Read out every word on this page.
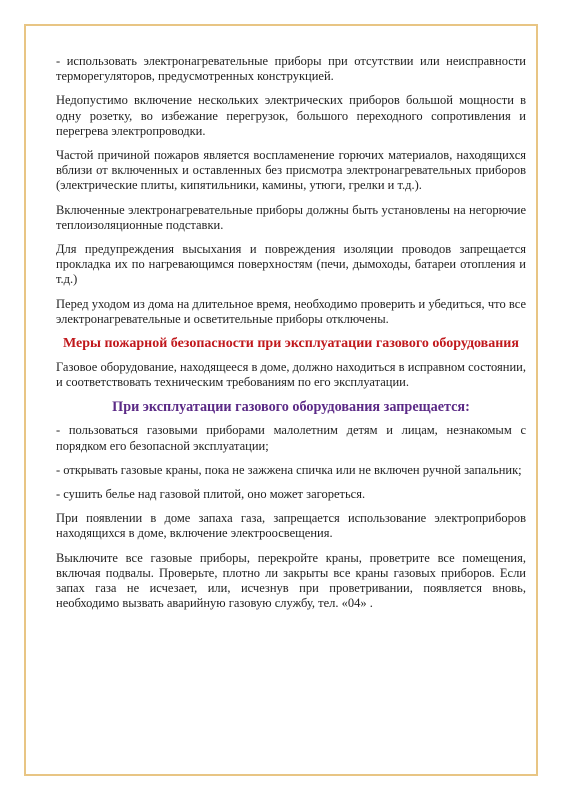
- использовать электронагревательные приборы при отсутствии или неисправности терморегуляторов, предусмотренных конструкцией.

Недопустимо включение нескольких электрических приборов большой мощности в одну розетку, во избежание перегрузок, большого переходного сопротивления и перегрева электропроводки.

Частой причиной пожаров является воспламенение горючих материалов, находящихся вблизи от включенных и оставленных без присмотра электронагревательных приборов (электрические плиты, кипятильники, камины, утюги, грелки и т.д.).

Включенные электронагревательные приборы должны быть установлены на негорючие теплоизоляционные подставки.

Для предупреждения высыхания и повреждения изоляции проводов запрещается прокладка их по нагревающимся поверхностям (печи, дымоходы, батареи отопления и т.д.)

Перед уходом из дома на длительное время, необходимо проверить и убедиться, что все электронагревательные и осветительные приборы отключены.

Меры пожарной безопасности при эксплуатации газового оборудования

Газовое оборудование, находящееся в доме, должно находиться в исправном состоянии, и соответствовать техническим требованиям по его эксплуатации.

При эксплуатации газового оборудования запрещается:

- пользоваться газовыми приборами малолетним детям и лицам, незнакомым с порядком его безопасной эксплуатации;

- открывать газовые краны, пока не зажжена спичка или не включен ручной запальник;

- сушить белье над газовой плитой, оно может загореться.

При появлении в доме запаха газа, запрещается использование электроприборов находящихся в доме, включение электроосвещения.

Выключите все газовые приборы, перекройте краны, проветрите все помещения, включая подвалы. Проверьте, плотно ли закрыты все краны газовых приборов. Если запах газа не исчезает, или, исчезнув при проветривании, появляется вновь, необходимо вызвать аварийную газовую службу, тел. «04» .
